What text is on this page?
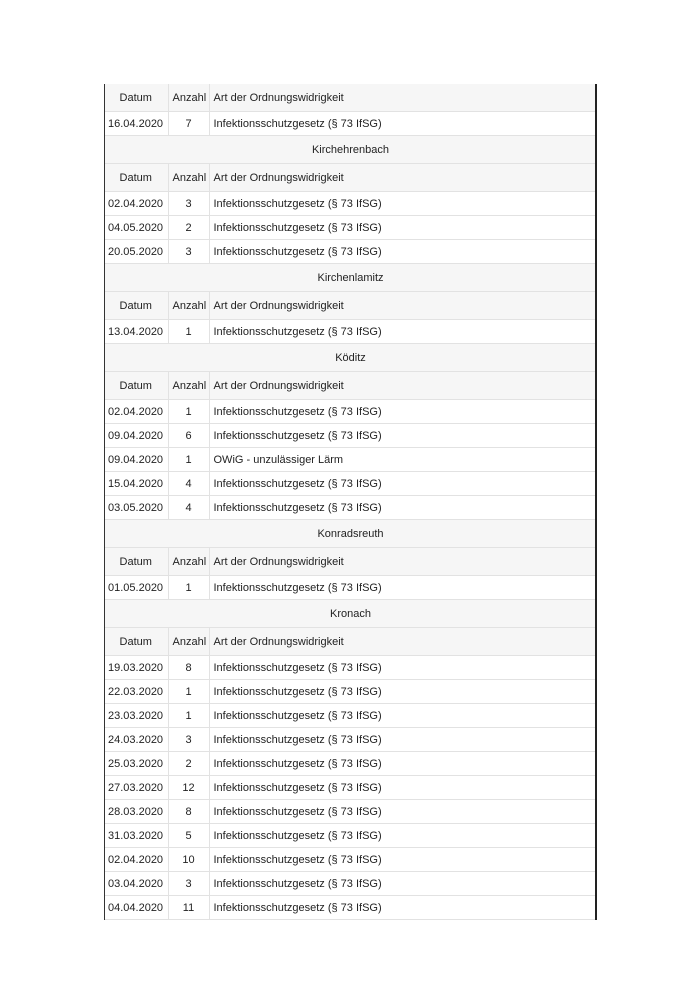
Datum	Anzahl	Art der Ordnungswidrigkeit
16.04.2020	7	Infektionsschutzgesetz (§ 73 IfSG)
Kirchehrenbach		
Datum	Anzahl	Art der Ordnungswidrigkeit
02.04.2020	3	Infektionsschutzgesetz (§ 73 IfSG)
04.05.2020	2	Infektionsschutzgesetz (§ 73 IfSG)
20.05.2020	3	Infektionsschutzgesetz (§ 73 IfSG)
Kirchenlamitz		
Datum	Anzahl	Art der Ordnungswidrigkeit
13.04.2020	1	Infektionsschutzgesetz (§ 73 IfSG)
Köditz		
Datum	Anzahl	Art der Ordnungswidrigkeit
02.04.2020	1	Infektionsschutzgesetz (§ 73 IfSG)
09.04.2020	6	Infektionsschutzgesetz (§ 73 IfSG)
09.04.2020	1	OWiG - unzulässiger Lärm
15.04.2020	4	Infektionsschutzgesetz (§ 73 IfSG)
03.05.2020	4	Infektionsschutzgesetz (§ 73 IfSG)
Konradsreuth		
Datum	Anzahl	Art der Ordnungswidrigkeit
01.05.2020	1	Infektionsschutzgesetz (§ 73 IfSG)
Kronach		
Datum	Anzahl	Art der Ordnungswidrigkeit
19.03.2020	8	Infektionsschutzgesetz (§ 73 IfSG)
22.03.2020	1	Infektionsschutzgesetz (§ 73 IfSG)
23.03.2020	1	Infektionsschutzgesetz (§ 73 IfSG)
24.03.2020	3	Infektionsschutzgesetz (§ 73 IfSG)
25.03.2020	2	Infektionsschutzgesetz (§ 73 IfSG)
27.03.2020	12	Infektionsschutzgesetz (§ 73 IfSG)
28.03.2020	8	Infektionsschutzgesetz (§ 73 IfSG)
31.03.2020	5	Infektionsschutzgesetz (§ 73 IfSG)
02.04.2020	10	Infektionsschutzgesetz (§ 73 IfSG)
03.04.2020	3	Infektionsschutzgesetz (§ 73 IfSG)
04.04.2020	11	Infektionsschutzgesetz (§ 73 IfSG)
